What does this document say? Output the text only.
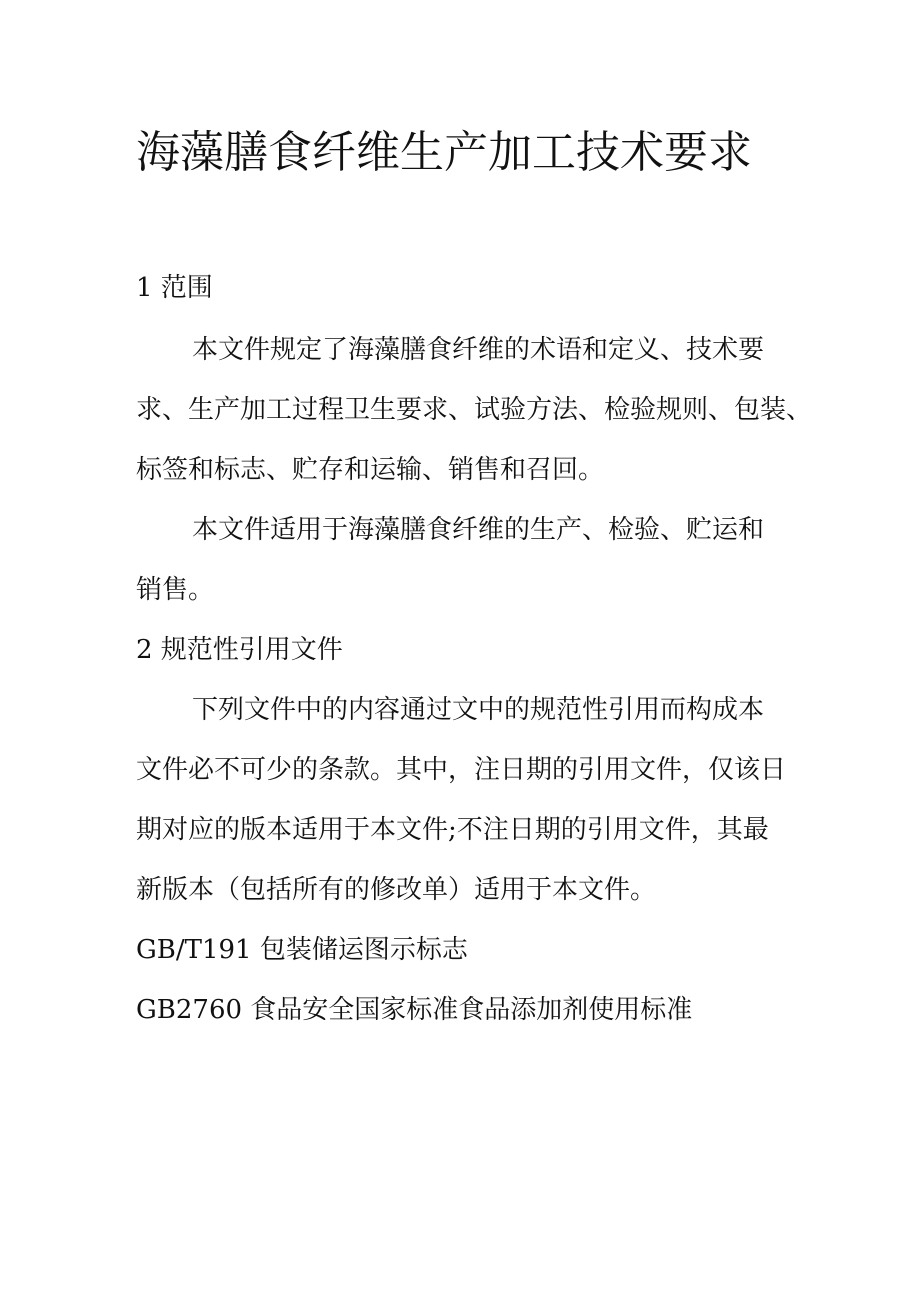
海藻膳食纤维生产加工技术要求
1 范围
本文件规定了海藻膳食纤维的术语和定义、技术要
求、生产加工过程卫生要求、试验方法、检验规则、包装、
标签和标志、贮存和运输、销售和召回。
本文件适用于海藻膳食纤维的生产、检验、贮运和
销售。
2 规范性引用文件
下列文件中的内容通过文中的规范性引用而构成本
文件必不可少的条款。其中，注日期的引用文件，仅该日
期对应的版本适用于本文件;不注日期的引用文件，其最
新版本（包括所有的修改单）适用于本文件。
GB/T191 包装储运图示标志
GB2760 食品安全国家标准食品添加剂使用标准
